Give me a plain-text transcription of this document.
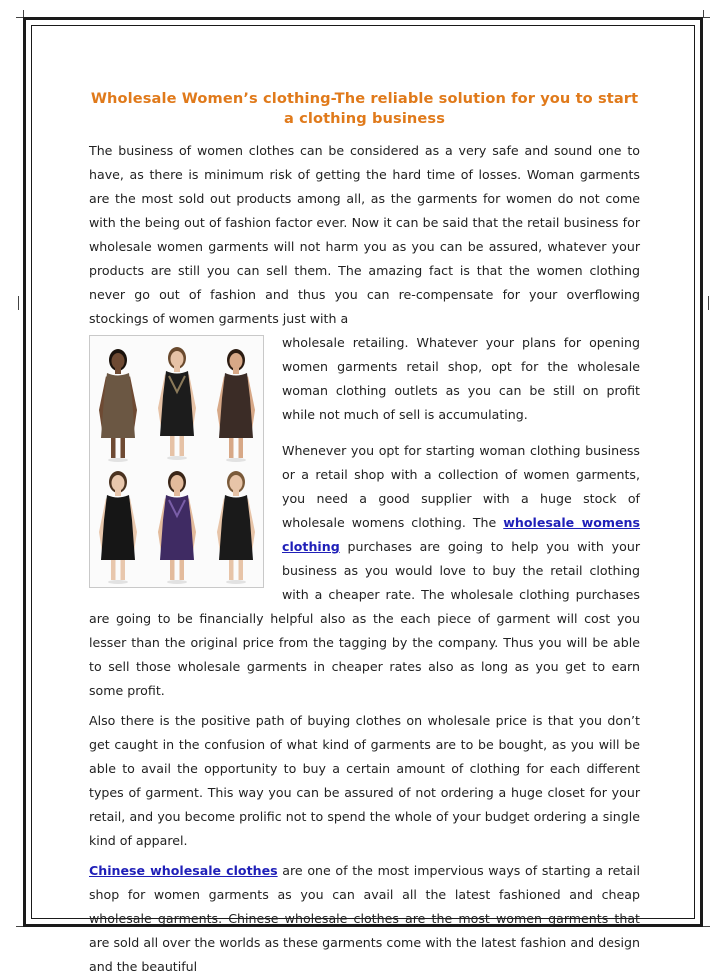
Wholesale Women’s clothing-The reliable solution for you to start a clothing business

The business of women clothes can be considered as a very safe and sound one to have, as there is minimum risk of getting the hard time of losses. Woman garments are the most sold out products among all, as the garments for women do not come with the being out of fashion factor ever. Now it can be said that the retail business for wholesale women garments will not harm you as you can be assured, whatever your products are still you can sell them. The amazing fact is that the women clothing never go out of fashion and thus you can re-compensate for your overflowing stockings of women garments just with a

wholesale retailing. Whatever your plans for opening women garments retail shop, opt for the wholesale woman clothing outlets as you can be still on profit while not much of sell is accumulating.

Whenever you opt for starting woman clothing business or a retail shop with a collection of women garments, you need a good supplier with a huge stock of wholesale womens clothing. The wholesale womens clothing purchases are going to help you with your business as you would love to buy the retail clothing with a cheaper rate. The wholesale clothing purchases are going to be financially helpful also as the each piece of garment will cost you lesser than the original price from the tagging by the company. Thus you will be able to sell those wholesale garments in cheaper rates also as long as you get to earn some profit.

Also there is the positive path of buying clothes on wholesale price is that you don’t get caught in the confusion of what kind of garments are to be bought, as you will be able to avail the opportunity to buy a certain amount of clothing for each different types of garment. This way you can be assured of not ordering a huge closet for your retail, and you become prolific not to spend the whole of your budget ordering a single kind of apparel.

Chinese wholesale clothes are one of the most impervious ways of starting a retail shop for women garments as you can avail all the latest fashioned and cheap wholesale garments. Chinese wholesale clothes are the most women garments that are sold all over the worlds as these garments come with the latest fashion and design and the beautiful
